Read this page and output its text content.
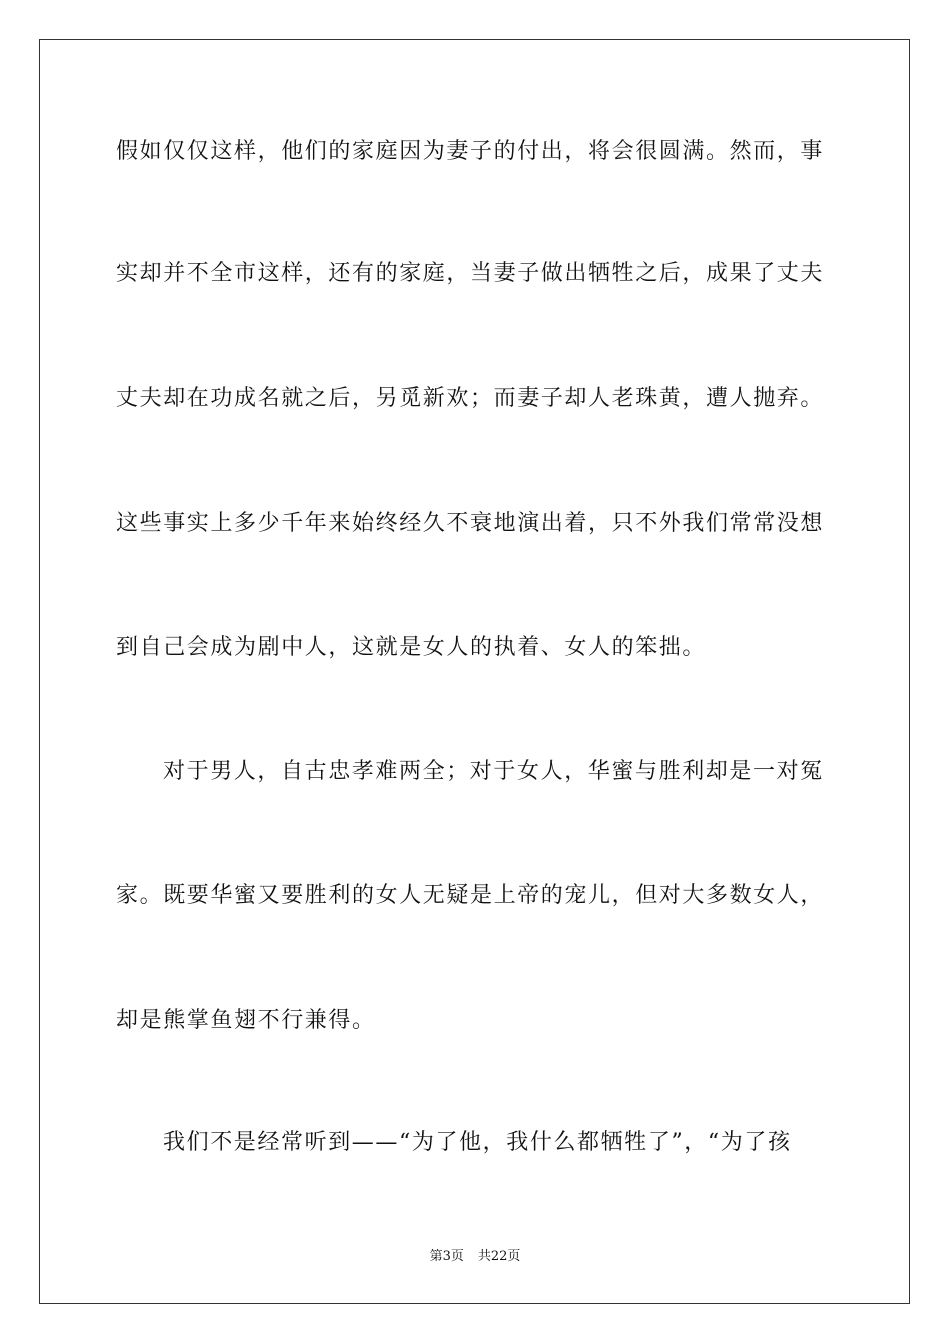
假如仅仅这样，他们的家庭因为妻子的付出，将会很圆满。然而，事

实却并不全市这样，还有的家庭，当妻子做出牺牲之后，成果了丈夫

丈夫却在功成名就之后，另觅新欢；而妻子却人老珠黄，遭人抛弃。

这些事实上多少千年来始终经久不衰地演出着，只不外我们常常没想

到自己会成为剧中人，这就是女人的执着、女人的笨拙。

对于男人，自古忠孝难两全；对于女人，华蜜与胜利却是一对冤

家。既要华蜜又要胜利的女人无疑是上帝的宠儿，但对大多数女人，

却是熊掌鱼翅不行兼得。

我们不是经常听到——“为了他，我什么都牺牲了”，“为了孩

第3页 共22页
